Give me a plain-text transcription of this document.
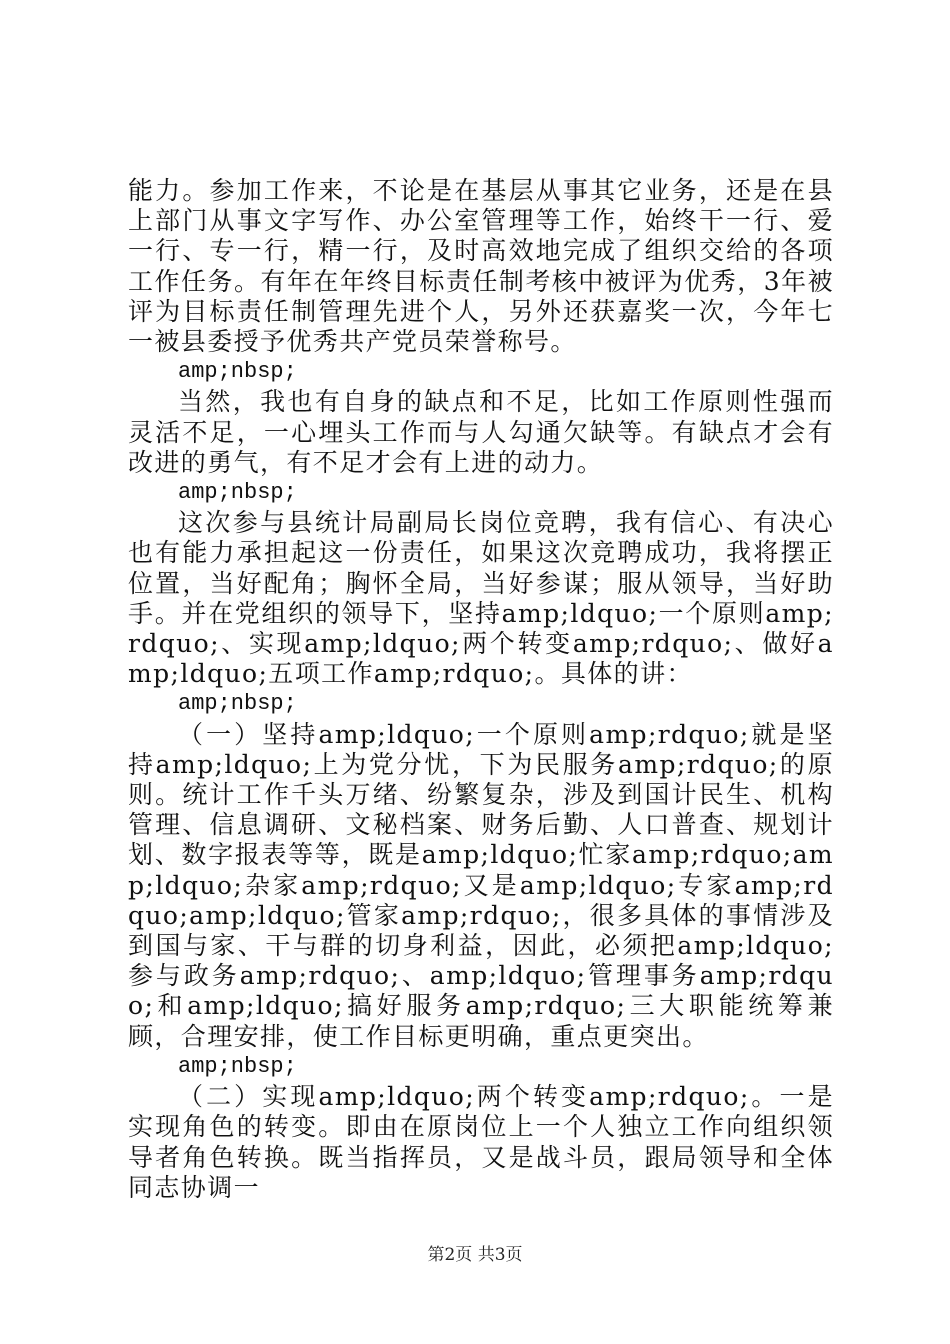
能力。参加工作来，不论是在基层从事其它业务，还是在县上部门从事文字写作、办公室管理等工作，始终干一行、爱一行、专一行，精一行，及时高效地完成了组织交给的各项工作任务。有年在年终目标责任制考核中被评为优秀，3年被评为目标责任制管理先进个人，另外还获嘉奖一次，今年七一被县委授予优秀共产党员荣誉称号。

amp;nbsp;

当然，我也有自身的缺点和不足，比如工作原则性强而灵活不足，一心埋头工作而与人勾通欠缺等。有缺点才会有改进的勇气，有不足才会有上进的动力。

amp;nbsp;

这次参与县统计局副局长岗位竞聘，我有信心、有决心也有能力承担起这一份责任，如果这次竞聘成功，我将摆正位置，当好配角；胸怀全局，当好参谋；服从领导，当好助手。并在党组织的领导下，坚持amp;ldquo;一个原则amp;rdquo;、实现amp;ldquo;两个转变amp;rdquo;、做好amp;ldquo;五项工作amp;rdquo;。具体的讲：

amp;nbsp;

（一）坚持amp;ldquo;一个原则amp;rdquo;就是坚持amp;ldquo;上为党分忧，下为民服务amp;rdquo;的原则。统计工作千头万绪、纷繁复杂，涉及到国计民生、机构管理、信息调研、文秘档案、财务后勤、人口普查、规划计划、数字报表等等，既是amp;ldquo;忙家amp;rdquo;amp;ldquo;杂家amp;rdquo;又是amp;ldquo;专家amp;rdquo;amp;ldquo;管家amp;rdquo;，很多具体的事情涉及到国与家、干与群的切身利益，因此，必须把amp;ldquo;参与政务amp;rdquo;、amp;ldquo;管理事务amp;rdquo;和amp;ldquo;搞好服务amp;rdquo;三大职能统筹兼顾，合理安排，使工作目标更明确，重点更突出。

amp;nbsp;

（二）实现amp;ldquo;两个转变amp;rdquo;。一是实现角色的转变。即由在原岗位上一个人独立工作向组织领导者角色转换。既当指挥员，又是战斗员，跟局领导和全体同志协调一

第2页 共3页
